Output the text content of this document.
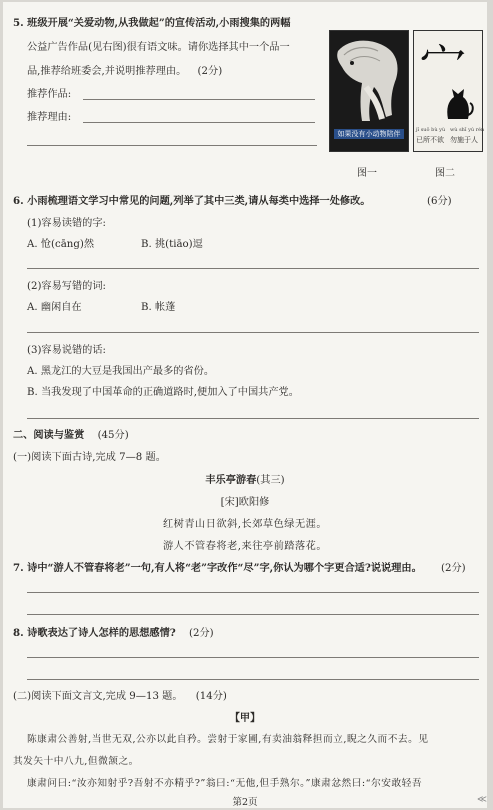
5. 班级开展“关爱动物,从我做起”的宣传活动,小雨搜集的两幅
公益广告作品(见右图)很有语文味。请你选择其中一个品一
品,推荐给班委会,并说明推荐理由。 (2分)
推荐作品:
推荐理由:
如果没有小动物陪伴
图一
宀
jǐ suǒ bù yù wù shī yú rén
已所不欲 勿施于人
图二
6. 小雨梳理语文学习中常见的问题,列举了其中三类,请从每类中选择一处修改。	(6分)
(1)容易读错的字:
A. 怆(cāng)然	B. 挑(tiāo)逗
(2)容易写错的词:
A. 幽闲自在	B. 帐蓬
(3)容易说错的话:
A. 黑龙江的大豆是我国出产最多的省份。
B. 当我发现了中国革命的正确道路时,便加入了中国共产党。
二、阅读与鉴赏 (45分)
(一)阅读下面古诗,完成 7—8 题。
丰乐亭游春(其三)
[宋]欧阳修
红树青山日欲斜,长郊草色绿无涯。
游人不管春将老,来往亭前踏落花。
7. 诗中“游人不管春将老”一句,有人将“老”字改作“尽”字,你认为哪个字更合适?说说理由。 (2分)
8. 诗歌表达了诗人怎样的思想感情? (2分)
(二)阅读下面文言文,完成 9—13 题。 (14分)
【甲】
陈康肃公善射,当世无双,公亦以此自矜。尝射于家圃,有卖油翁释担而立,睨之久而不去。见
其发矢十中八九,但微颔之。
康肃问曰:“汝亦知射乎?吾射不亦精乎?”翁曰:“无他,但手熟尔。”康肃忿然曰:“尔安敢轻吾
第2页	≪
